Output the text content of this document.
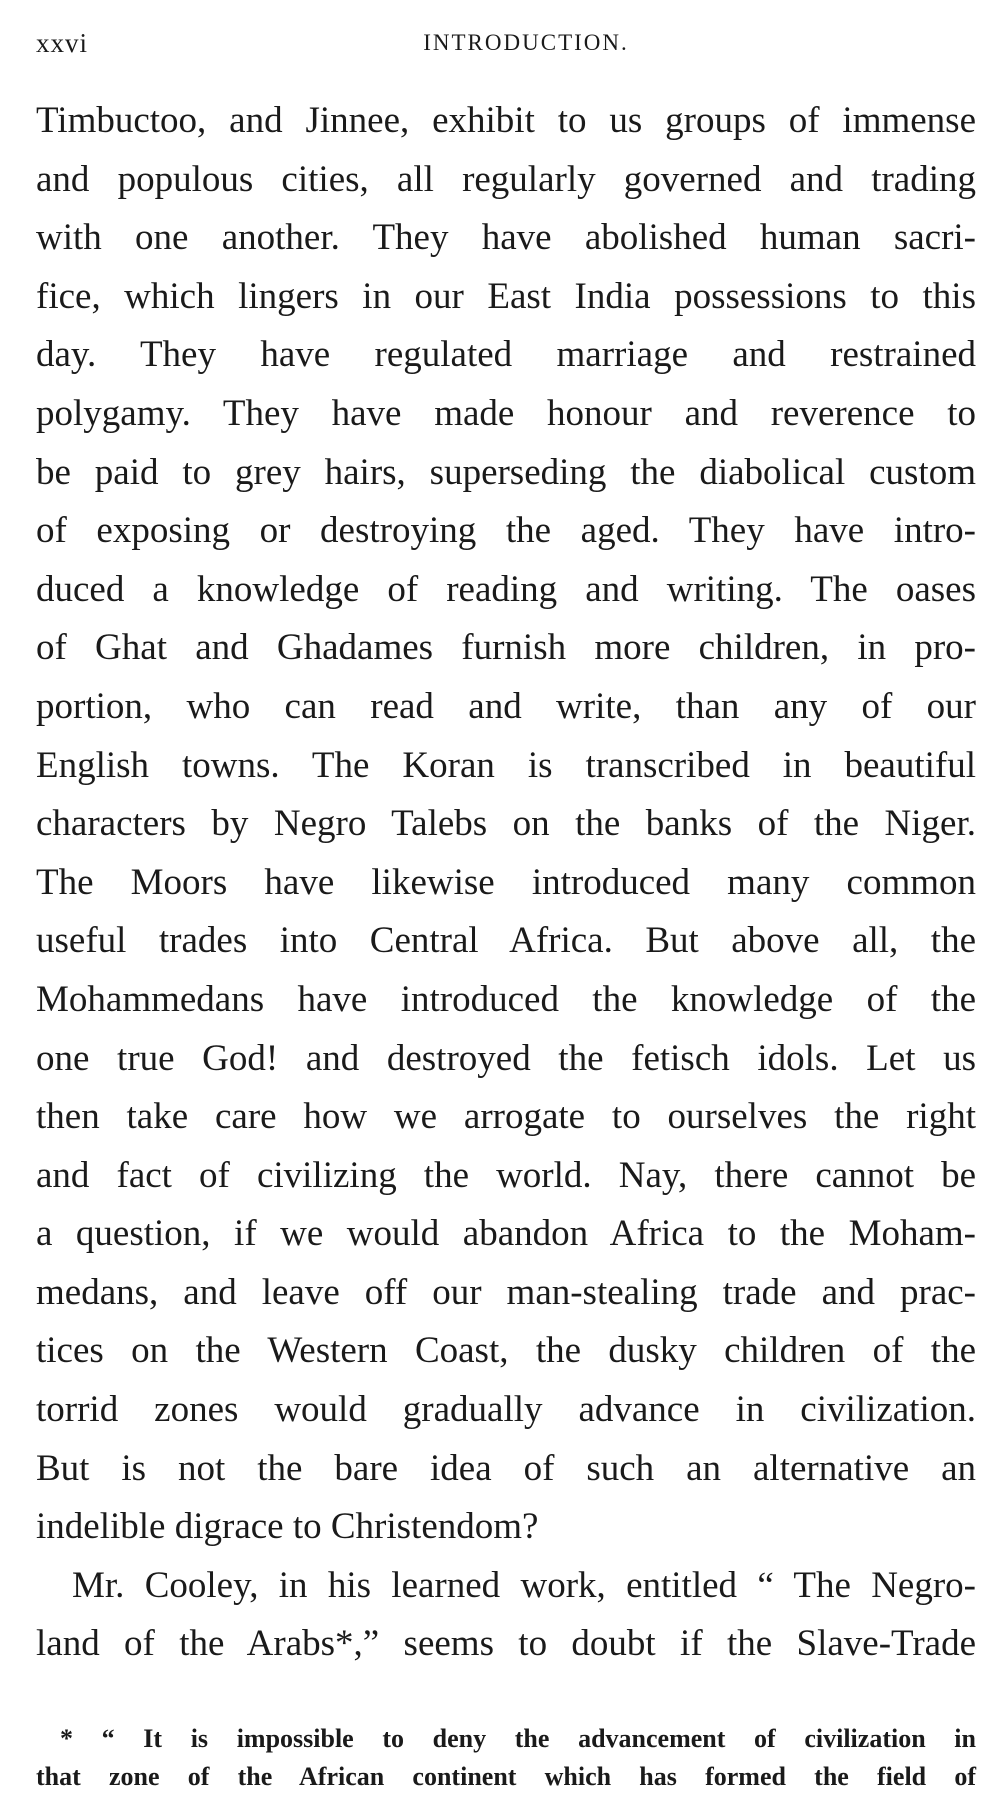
xxvi	INTRODUCTION.
Timbuctoo, and Jinnee, exhibit to us groups of immense
and populous cities, all regularly governed and trading
with one another. They have abolished human sacri-
fice, which lingers in our East India possessions to this
day. They have regulated marriage and restrained
polygamy. They have made honour and reverence to
be paid to grey hairs, superseding the diabolical custom
of exposing or destroying the aged. They have intro-
duced a knowledge of reading and writing. The oases
of Ghat and Ghadames furnish more children, in pro-
portion, who can read and write, than any of our
English towns. The Koran is transcribed in beautiful
characters by Negro Talebs on the banks of the Niger.
The Moors have likewise introduced many common
useful trades into Central Africa. But above all, the
Mohammedans have introduced the knowledge of the
one true God! and destroyed the fetisch idols. Let us
then take care how we arrogate to ourselves the right
and fact of civilizing the world. Nay, there cannot be
a question, if we would abandon Africa to the Moham-
medans, and leave off our man-stealing trade and prac-
tices on the Western Coast, the dusky children of the
torrid zones would gradually advance in civilization.
But is not the bare idea of such an alternative an
indelible digrace to Christendom?
Mr. Cooley, in his learned work, entitled “ The Negro-
land of the Arabs*,” seems to doubt if the Slave-Trade
* “ It is impossible to deny the advancement of civilization in
that zone of the African continent which has formed the field of
